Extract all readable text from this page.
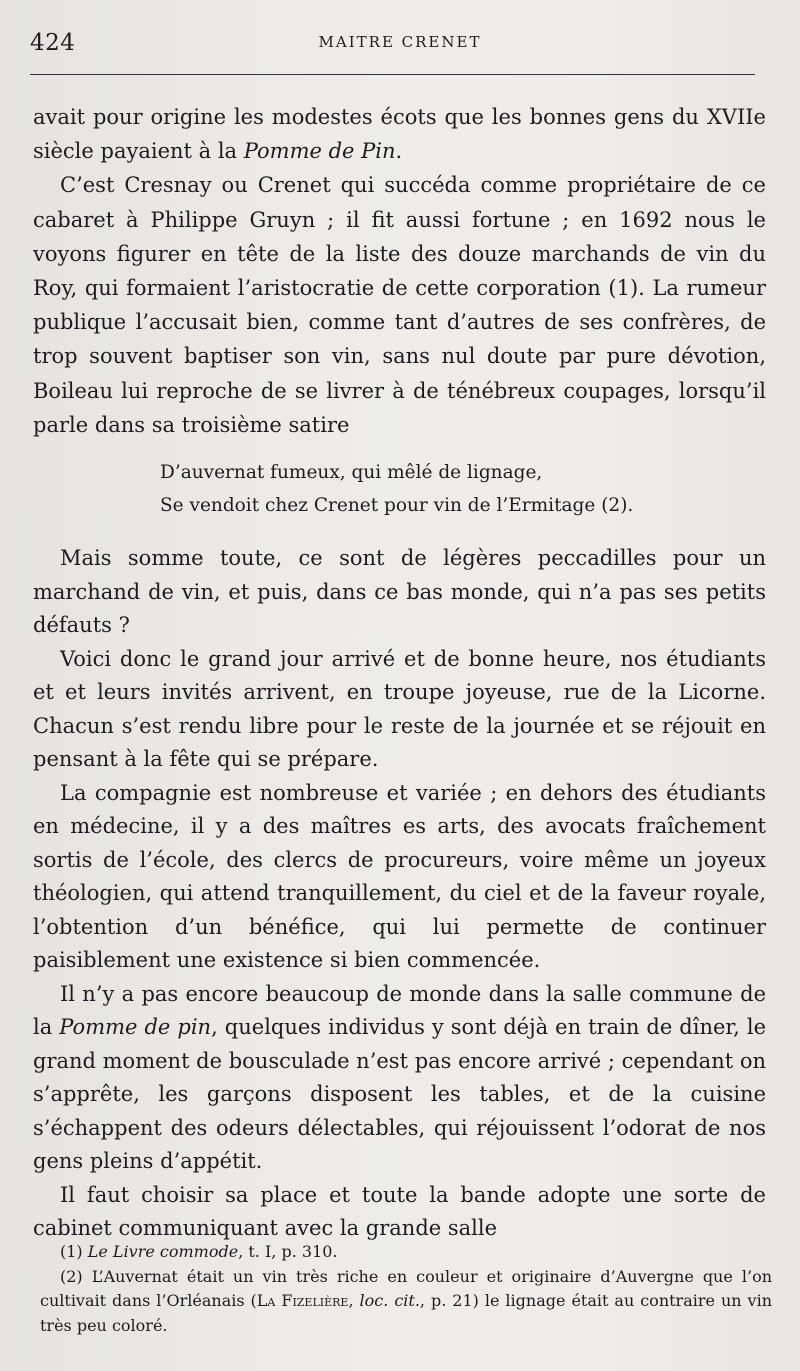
424	MAITRE CRENET

avait pour origine les modestes écots que les bonnes gens du XVIIe siècle payaient à la Pomme de Pin.

C’est Cresnay ou Crenet qui succéda comme propriétaire de ce cabaret à Philippe Gruyn ; il fit aussi fortune ; en 1692 nous le voyons figurer en tête de la liste des douze marchands de vin du Roy, qui formaient l’aristocratie de cette corporation (1). La rumeur publique l’accusait bien, comme tant d’autres de ses confrères, de trop souvent baptiser son vin, sans nul doute par pure dévotion, Boileau lui reproche de se livrer à de ténébreux coupages, lorsqu’il parle dans sa troisième satire

D’auvernat fumeux, qui mêlé de lignage,
Se vendoit chez Crenet pour vin de l’Ermitage (2).

Mais somme toute, ce sont de légères peccadilles pour un marchand de vin, et puis, dans ce bas monde, qui n’a pas ses petits défauts ?

Voici donc le grand jour arrivé et de bonne heure, nos étudiants et et leurs invités arrivent, en troupe joyeuse, rue de la Licorne. Chacun s’est rendu libre pour le reste de la journée et se réjouit en pensant à la fête qui se prépare.

La compagnie est nombreuse et variée ; en dehors des étudiants en médecine, il y a des maîtres es arts, des avocats fraîchement sortis de l’école, des clercs de procureurs, voire même un joyeux théologien, qui attend tranquillement, du ciel et de la faveur royale, l’obtention d’un bénéfice, qui lui permette de continuer paisiblement une existence si bien commencée.

Il n’y a pas encore beaucoup de monde dans la salle commune de la Pomme de pin, quelques individus y sont déjà en train de dîner, le grand moment de bousculade n’est pas encore arrivé ; cependant on s’apprête, les garçons disposent les tables, et de la cuisine s’échappent des odeurs délectables, qui réjouissent l’odorat de nos gens pleins d’appétit.

Il faut choisir sa place et toute la bande adopte une sorte de cabinet communiquant avec la grande salle

(1) Le Livre commode, t. I, p. 310.

(2) L’Auvernat était un vin très riche en couleur et originaire d’Auvergne que l’on cultivait dans l’Orléanais (La Fizelière, loc. cit., p. 21) le lignage était au contraire un vin très peu coloré.
